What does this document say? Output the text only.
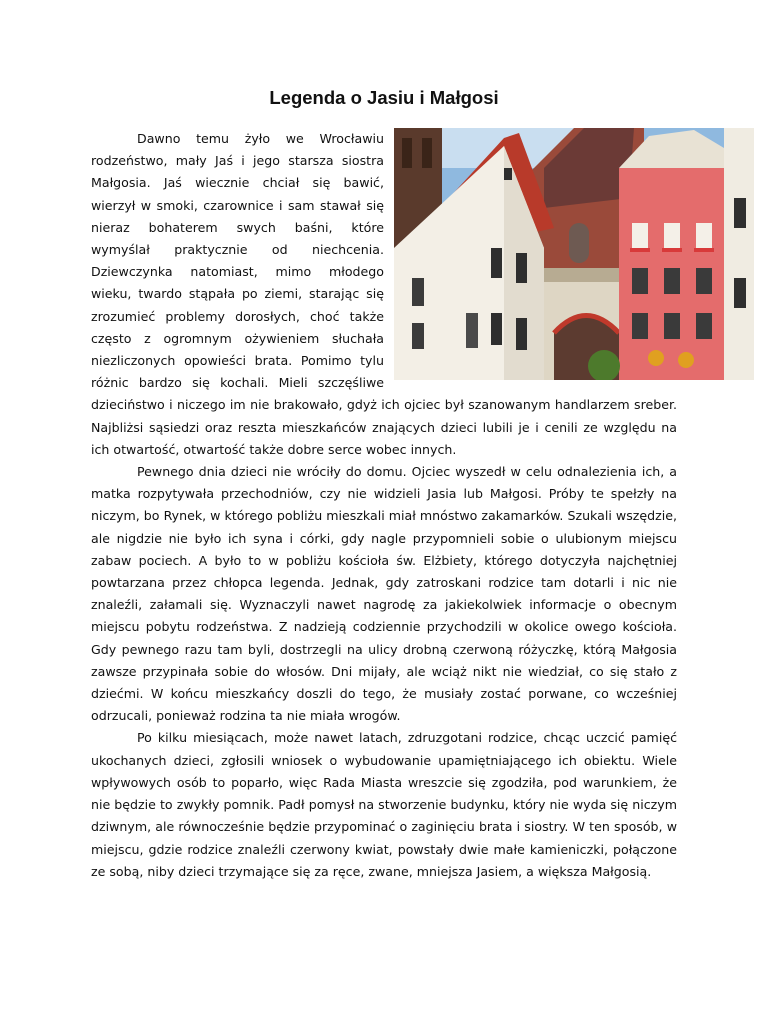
Legenda o Jasiu i Małgosi

Dawno temu żyło we Wrocławiu rodzeństwo, mały Jaś i jego starsza siostra Małgosia. Jaś wiecznie chciał się bawić, wierzył w smoki, czarownice i sam stawał się nieraz bohaterem swych baśni, które wymyślał praktycznie od niechcenia. Dziewczynka natomiast, mimo młodego wieku, twardo stąpała po ziemi, starając się zrozumieć problemy dorosłych, choć także często z ogromnym ożywieniem słuchała niezliczonych opowieści brata. Pomimo tylu różnic bardzo się kochali. Mieli szczęśliwe dzieciństwo i niczego im nie brakowało, gdyż ich ojciec był szanowanym handlarzem sreber. Najbliżsi sąsiedzi oraz reszta mieszkańców znających dzieci lubili je i cenili ze względu na ich otwartość, otwartość także dobre serce wobec innych.

Pewnego dnia dzieci nie wróciły do domu. Ojciec wyszedł w celu odnalezienia ich, a matka rozpytywała przechodniów, czy nie widzieli Jasia lub Małgosi. Próby te spełzły na niczym, bo Rynek, w którego pobliżu mieszkali miał mnóstwo zakamarków. Szukali wszędzie, ale nigdzie nie było ich syna i córki, gdy nagle przypomnieli sobie o ulubionym miejscu zabaw pociech. A było to w pobliżu kościoła św. Elżbiety, którego dotyczyła najchętniej powtarzana przez chłopca legenda. Jednak, gdy zatroskani rodzice tam dotarli i nic nie znaleźli, załamali się. Wyznaczyli nawet nagrodę za jakiekolwiek informacje o obecnym miejscu pobytu rodzeństwa. Z nadzieją codziennie przychodzili w okolice owego kościoła. Gdy pewnego razu tam byli, dostrzegli na ulicy drobną czerwoną różyczkę, którą Małgosia zawsze przypinała sobie do włosów. Dni mijały, ale wciąż nikt nie wiedział, co się stało z dziećmi. W końcu mieszkańcy doszli do tego, że musiały zostać porwane, co wcześniej odrzucali, ponieważ rodzina ta nie miała wrogów.

Po kilku miesiącach, może nawet latach, zdruzgotani rodzice, chcąc uczcić pamięć ukochanych dzieci, zgłosili wniosek o wybudowanie upamiętniającego ich obiektu. Wiele wpływowych osób to poparło, więc Rada Miasta wreszcie się zgodziła, pod warunkiem, że nie będzie to zwykły pomnik. Padł pomysł na stworzenie budynku, który nie wyda się niczym dziwnym, ale równocześnie będzie przypominać o zaginięciu brata i siostry. W ten sposób, w miejscu, gdzie rodzice znaleźli czerwony kwiat, powstały dwie małe kamieniczki, połączone ze sobą, niby dzieci trzymające się za ręce, zwane, mniejsza Jasiem, a większa Małgosią.
